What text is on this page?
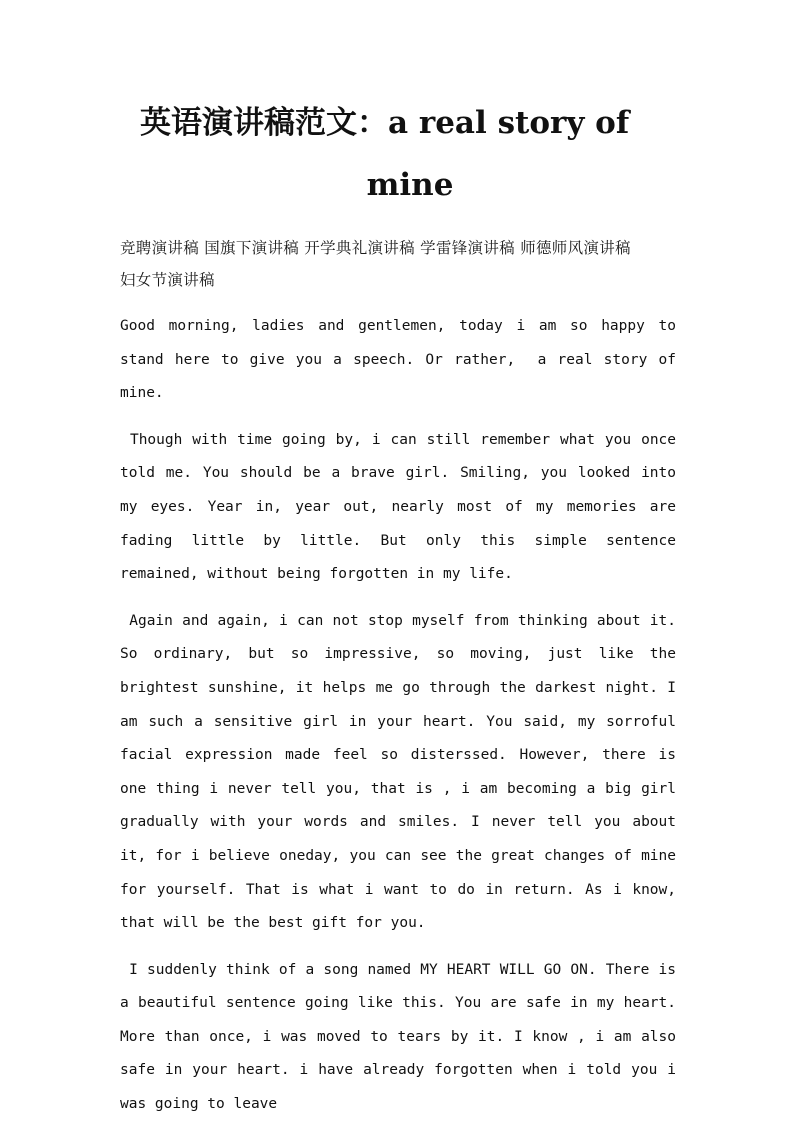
英语演讲稿范文：a real story of
mine

竞聘演讲稿 国旗下演讲稿 开学典礼演讲稿 学雷锋演讲稿 师德师风演讲稿 妇女节演讲稿

Good morning, ladies and gentlemen, today i am so happy to stand here to give you a speech. Or rather,  a real story of mine.

Though with time going by, i can still remember what you once told me. You should be a brave girl. Smiling, you looked into my eyes. Year in, year out, nearly most of my memories are fading little by little. But only this simple sentence remained, without being forgotten in my life.

Again and again, i can not stop myself from thinking about it. So ordinary, but so impressive, so moving, just like the brightest sunshine, it helps me go through the darkest night. I am such a sensitive girl in your heart. You said, my sorroful facial expression made feel so disterssed. However, there is one thing i never tell you, that is , i am becoming a big girl gradually with your words and smiles. I never tell you about it, for i believe oneday, you can see the great changes of mine for yourself. That is what i want to do in return. As i know, that will be the best gift for you.

I suddenly think of a song named MY HEART WILL GO ON. There is a beautiful sentence going like this. You are safe in my heart. More than once, i was moved to tears by it. I know , i am also safe in your heart. i have already forgotten when i told you i was going to leave
